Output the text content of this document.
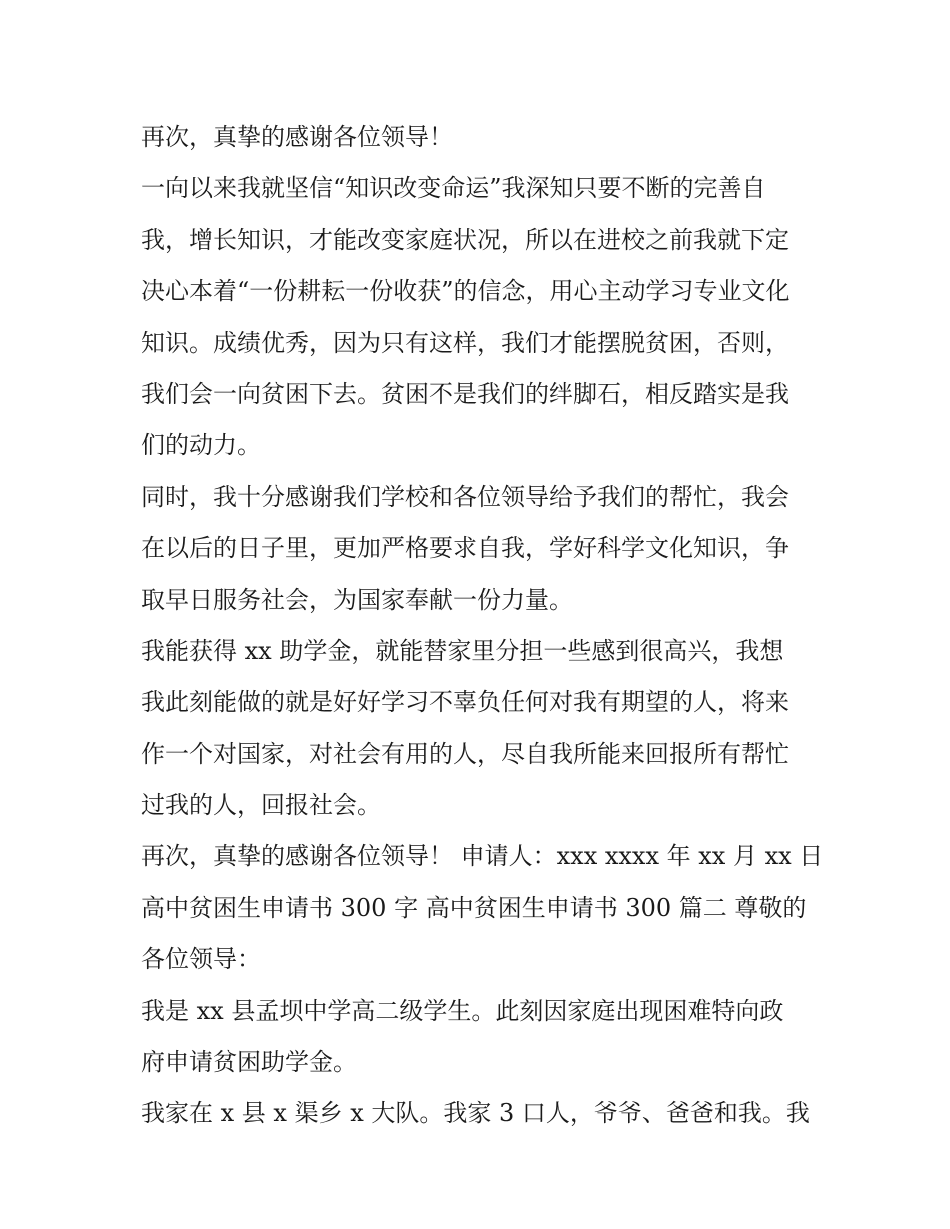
再次，真挚的感谢各位领导！
一向以来我就坚信“知识改变命运”我深知只要不断的完善自
我，增长知识，才能改变家庭状况，所以在进校之前我就下定
决心本着“一份耕耘一份收获”的信念，用心主动学习专业文化
知识。成绩优秀，因为只有这样，我们才能摆脱贫困，否则，
我们会一向贫困下去。贫困不是我们的绊脚石，相反踏实是我
们的动力。
同时，我十分感谢我们学校和各位领导给予我们的帮忙，我会
在以后的日子里，更加严格要求自我，学好科学文化知识，争
取早日服务社会，为国家奉献一份力量。
我能获得 xx 助学金，就能替家里分担一些感到很高兴，我想
我此刻能做的就是好好学习不辜负任何对我有期望的人，将来
作一个对国家，对社会有用的人，尽自我所能来回报所有帮忙
过我的人，回报社会。
再次，真挚的感谢各位领导！ 申请人：xxx xxxx 年 xx 月 xx 日
高中贫困生申请书 300 字 高中贫困生申请书 300 篇二 尊敬的
各位领导：
我是 xx 县孟坝中学高二级学生。此刻因家庭出现困难特向政
府申请贫困助学金。
我家在 x 县 x 渠乡 x 大队。我家 3 口人，爷爷、爸爸和我。我
